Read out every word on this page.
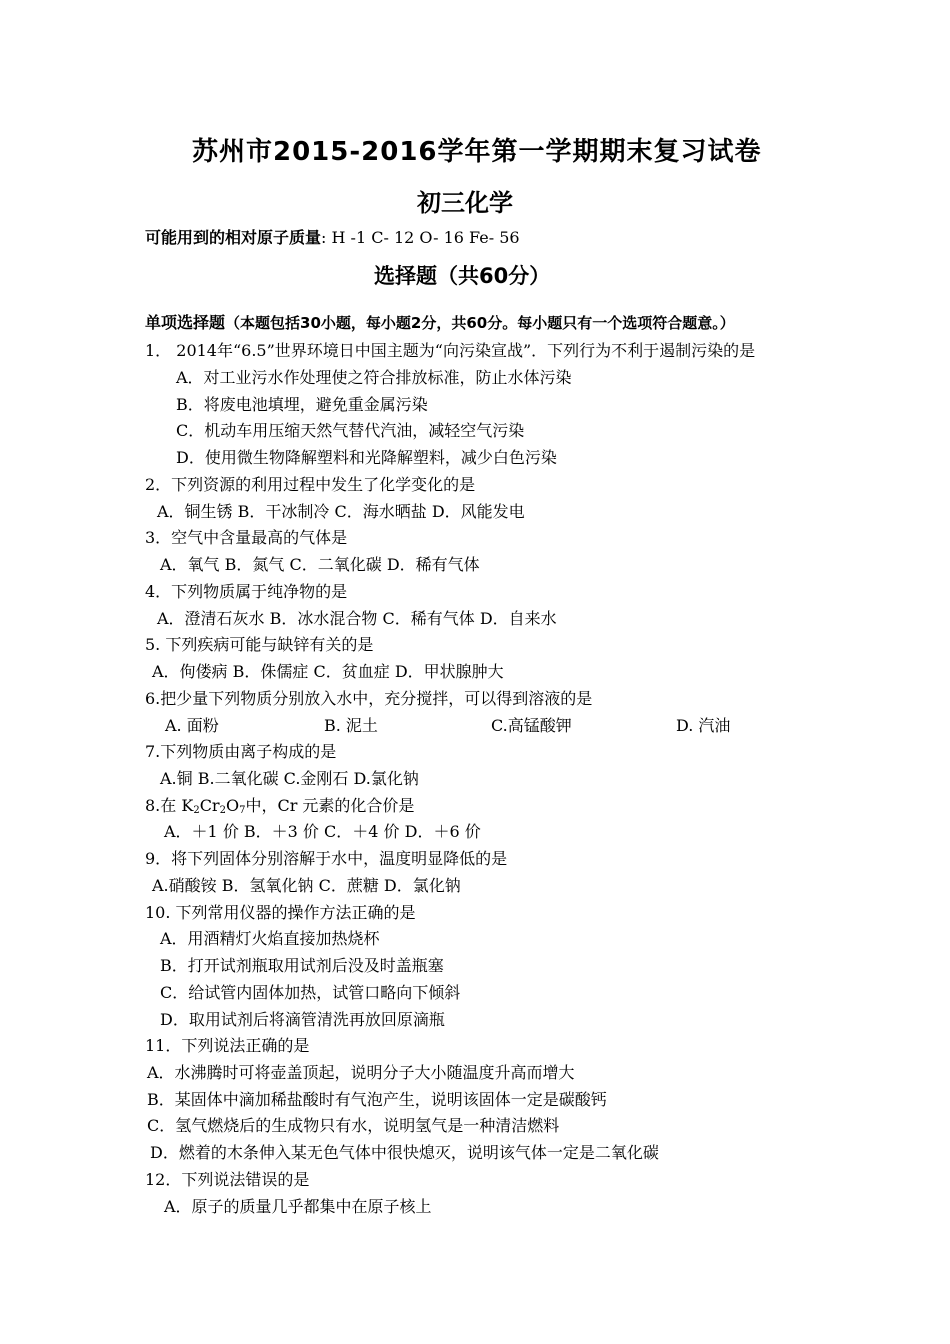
苏州市2015-2016学年第一学期期末复习试卷
初三化学
可能用到的相对原子质量: H -1 C- 12 O- 16 Fe- 56
选择题（共60分）
单项选择题（本题包括30小题，每小题2分，共60分。每小题只有一个选项符合题意。）
1． 2014年“6.5”世界环境日中国主题为“向污染宣战”．下列行为不利于遏制污染的是
A．对工业污水作处理使之符合排放标准，防止水体污染
B．将废电池填埋，避免重金属污染
C．机动车用压缩天然气替代汽油，减轻空气污染
D．使用微生物降解塑料和光降解塑料，减少白色污染
2．下列资源的利用过程中发生了化学变化的是
A．铜生锈 B．干冰制冷 C．海水晒盐 D．风能发电
3．空气中含量最高的气体是
A．氧气 B．氮气 C．二氧化碳 D．稀有气体
4．下列物质属于纯净物的是
A．澄清石灰水 B．冰水混合物 C．稀有气体 D．自来水
5. 下列疾病可能与缺锌有关的是
A．佝偻病 B．侏儒症 C．贫血症 D．甲状腺肿大
6.把少量下列物质分别放入水中，充分搅拌，可以得到溶液的是
A. 面粉	B. 泥土	C.高锰酸钾	D. 汽油
7.下列物质由离子构成的是
A.铜 B.二氧化碳 C.金刚石 D.氯化钠
8.在 $K_2Cr_2O_7$中，Cr 元素的化合价是
A．＋1 价 B．＋3 价 C．＋4 价 D．＋6 价
9．将下列固体分别溶解于水中，温度明显降低的是
A.硝酸铵 B．氢氧化钠 C．蔗糖 D．氯化钠
10. 下列常用仪器的操作方法正确的是
A．用酒精灯火焰直接加热烧杯
B．打开试剂瓶取用试剂后没及时盖瓶塞
C．给试管内固体加热，试管口略向下倾斜
D．取用试剂后将滴管清洗再放回原滴瓶
11．下列说法正确的是
A．水沸腾时可将壶盖顶起，说明分子大小随温度升高而增大
B．某固体中滴加稀盐酸时有气泡产生，说明该固体一定是碳酸钙
C．氢气燃烧后的生成物只有水，说明氢气是一种清洁燃料
D．燃着的木条伸入某无色气体中很快熄灭，说明该气体一定是二氧化碳
12．下列说法错误的是
A．原子的质量几乎都集中在原子核上
